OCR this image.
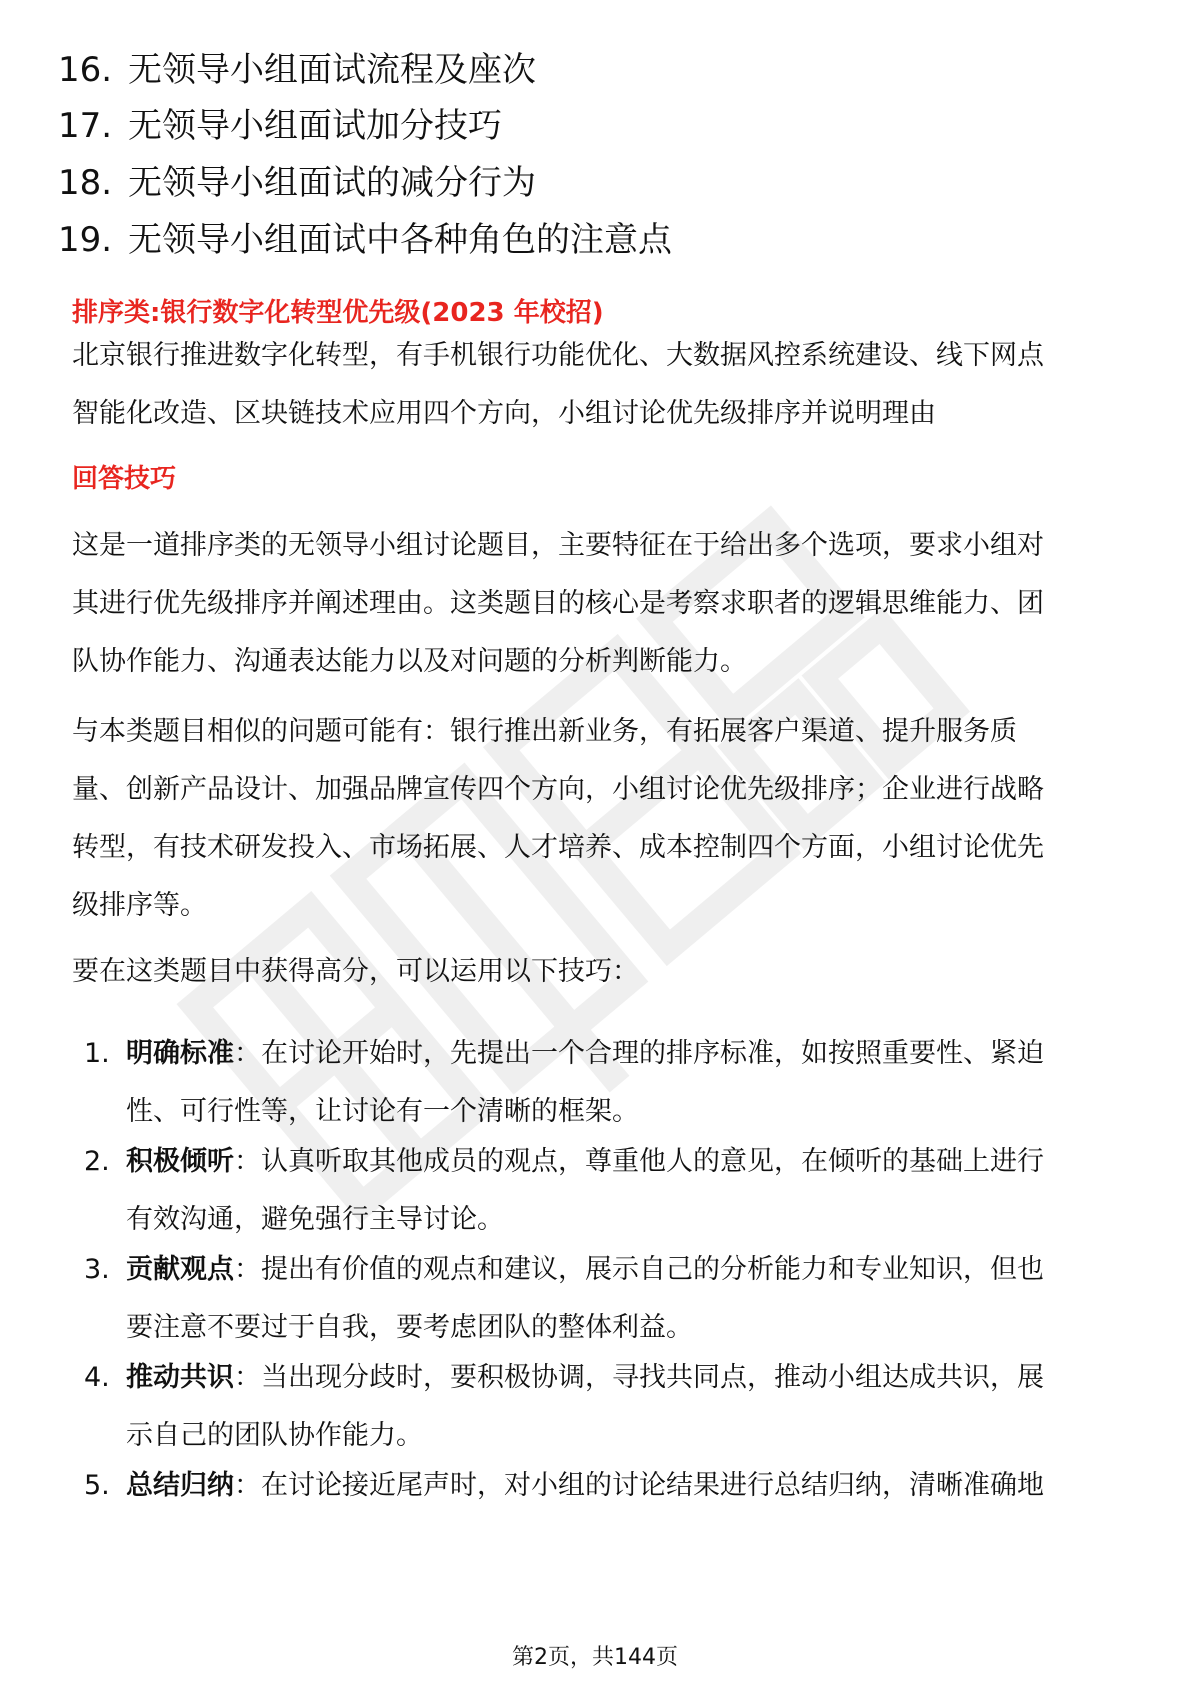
16. 无领导小组面试流程及座次
17. 无领导小组面试加分技巧
18. 无领导小组面试的减分行为
19. 无领导小组面试中各种角色的注意点
排序类:银行数字化转型优先级(2023 年校招)
北京银行推进数字化转型，有手机银行功能优化、大数据风控系统建设、线下网点
智能化改造、区块链技术应用四个方向，小组讨论优先级排序并说明理由
回答技巧
这是一道排序类的无领导小组讨论题目，主要特征在于给出多个选项，要求小组对
其进行优先级排序并阐述理由。这类题目的核心是考察求职者的逻辑思维能力、团
队协作能力、沟通表达能力以及对问题的分析判断能力。
与本类题目相似的问题可能有：银行推出新业务，有拓展客户渠道、提升服务质
量、创新产品设计、加强品牌宣传四个方向，小组讨论优先级排序；企业进行战略
转型，有技术研发投入、市场拓展、人才培养、成本控制四个方面，小组讨论优先
级排序等。
要在这类题目中获得高分，可以运用以下技巧：
1. 明确标准：在讨论开始时，先提出一个合理的排序标准，如按照重要性、紧迫
性、可行性等，让讨论有一个清晰的框架。
2. 积极倾听：认真听取其他成员的观点，尊重他人的意见，在倾听的基础上进行
有效沟通，避免强行主导讨论。
3. 贡献观点：提出有价值的观点和建议，展示自己的分析能力和专业知识，但也
要注意不要过于自我，要考虑团队的整体利益。
4. 推动共识：当出现分歧时，要积极协调，寻找共同点，推动小组达成共识，展
示自己的团队协作能力。
5. 总结归纳：在讨论接近尾声时，对小组的讨论结果进行总结归纳，清晰准确地
第2页，共144页
